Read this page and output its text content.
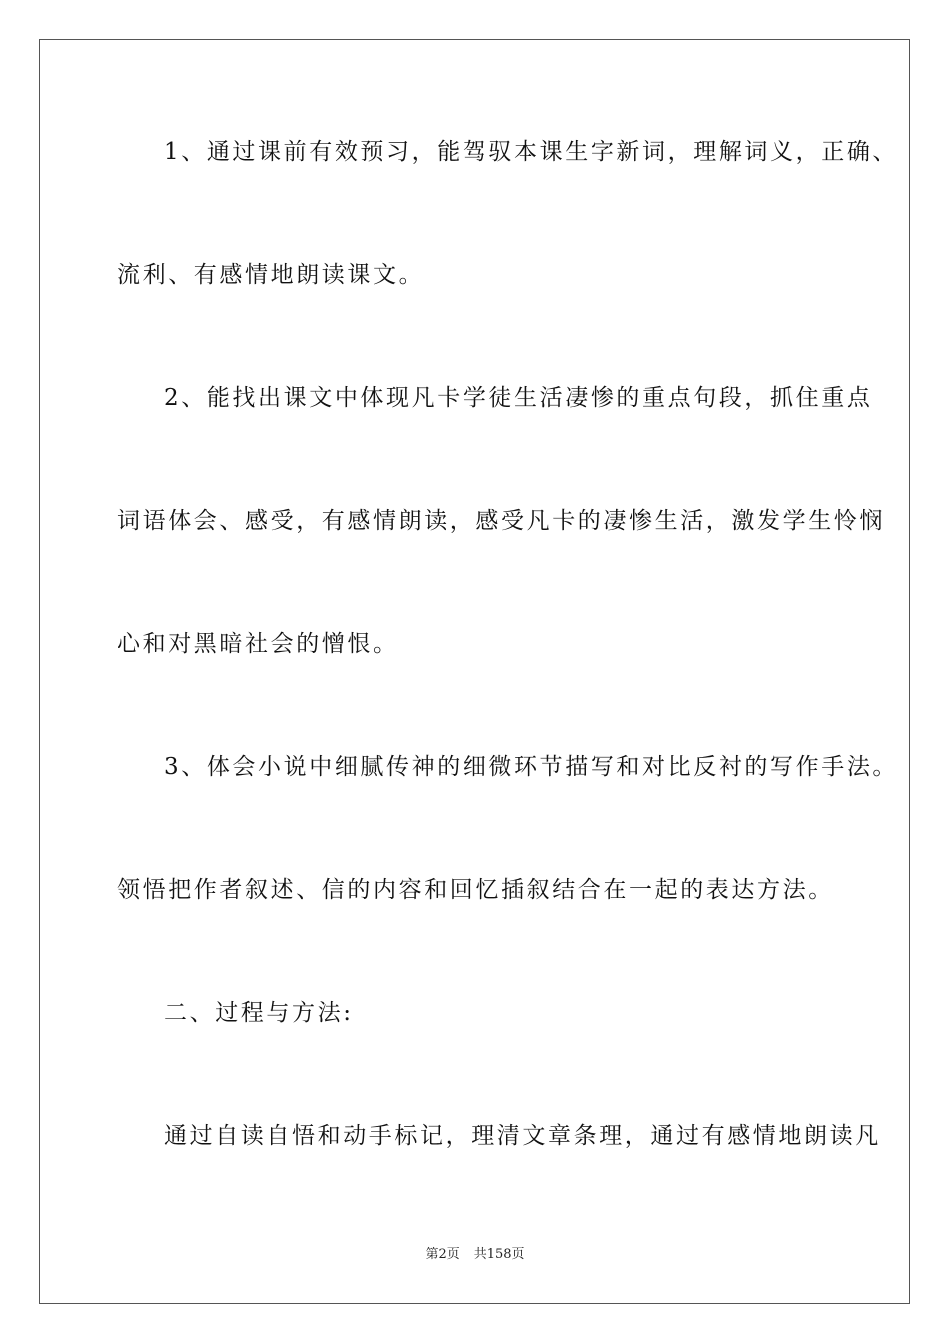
1、通过课前有效预习，能驾驭本课生字新词，理解词义，正确、
流利、有感情地朗读课文。
2、能找出课文中体现凡卡学徒生活凄惨的重点句段，抓住重点
词语体会、感受，有感情朗读，感受凡卡的凄惨生活，激发学生怜悯
心和对黑暗社会的憎恨。
3、体会小说中细腻传神的细微环节描写和对比反衬的写作手法。
领悟把作者叙述、信的内容和回忆插叙结合在一起的表达方法。
二、过程与方法:
通过自读自悟和动手标记，理清文章条理，通过有感情地朗读凡
第2页 共158页
